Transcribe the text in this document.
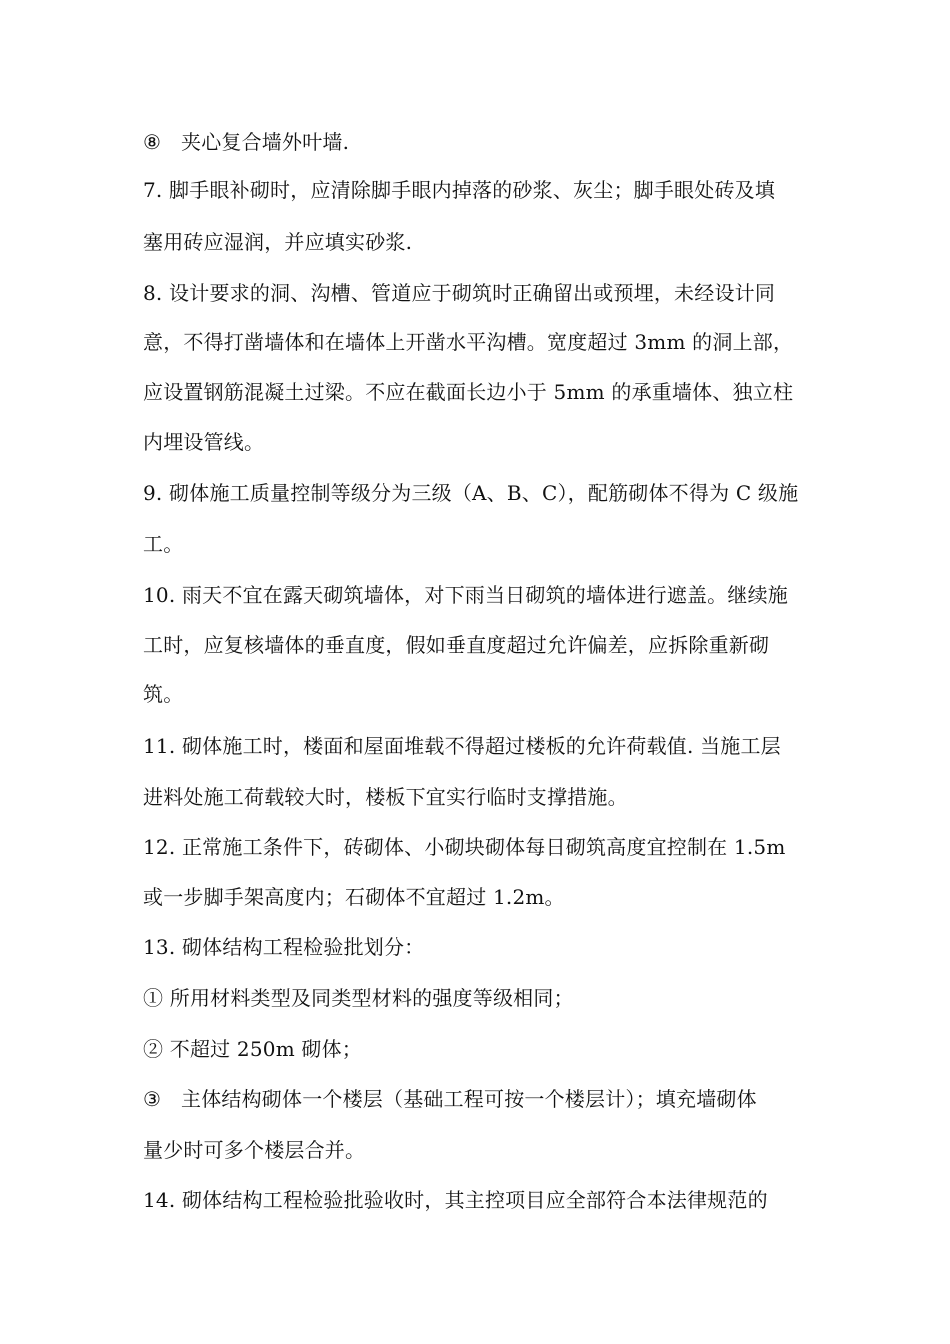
⑧ 夹心复合墙外叶墙.
7. 脚手眼补砌时，应清除脚手眼内掉落的砂浆、灰尘；脚手眼处砖及填
塞用砖应湿润，并应填实砂浆.
8. 设计要求的洞、沟槽、管道应于砌筑时正确留出或预埋，未经设计同
意，不得打凿墙体和在墙体上开凿水平沟槽。宽度超过 3mm 的洞上部，
应设置钢筋混凝土过梁。不应在截面长边小于 5mm 的承重墙体、独立柱
内埋设管线。
9. 砌体施工质量控制等级分为三级（A、B、C），配筋砌体不得为 C 级施
工。
10. 雨天不宜在露天砌筑墙体，对下雨当日砌筑的墙体进行遮盖。继续施
工时，应复核墙体的垂直度，假如垂直度超过允许偏差，应拆除重新砌
筑。
11. 砌体施工时，楼面和屋面堆载不得超过楼板的允许荷载值. 当施工层
进料处施工荷载较大时，楼板下宜实行临时支撑措施。
12. 正常施工条件下，砖砌体、小砌块砌体每日砌筑高度宜控制在 1.5m
或一步脚手架高度内；石砌体不宜超过 1.2m。
13. 砌体结构工程检验批划分：
① 所用材料类型及同类型材料的强度等级相同；
② 不超过 250m 砌体；
③ 主体结构砌体一个楼层（基础工程可按一个楼层计）；填充墙砌体
量少时可多个楼层合并。
14. 砌体结构工程检验批验收时，其主控项目应全部符合本法律规范的
